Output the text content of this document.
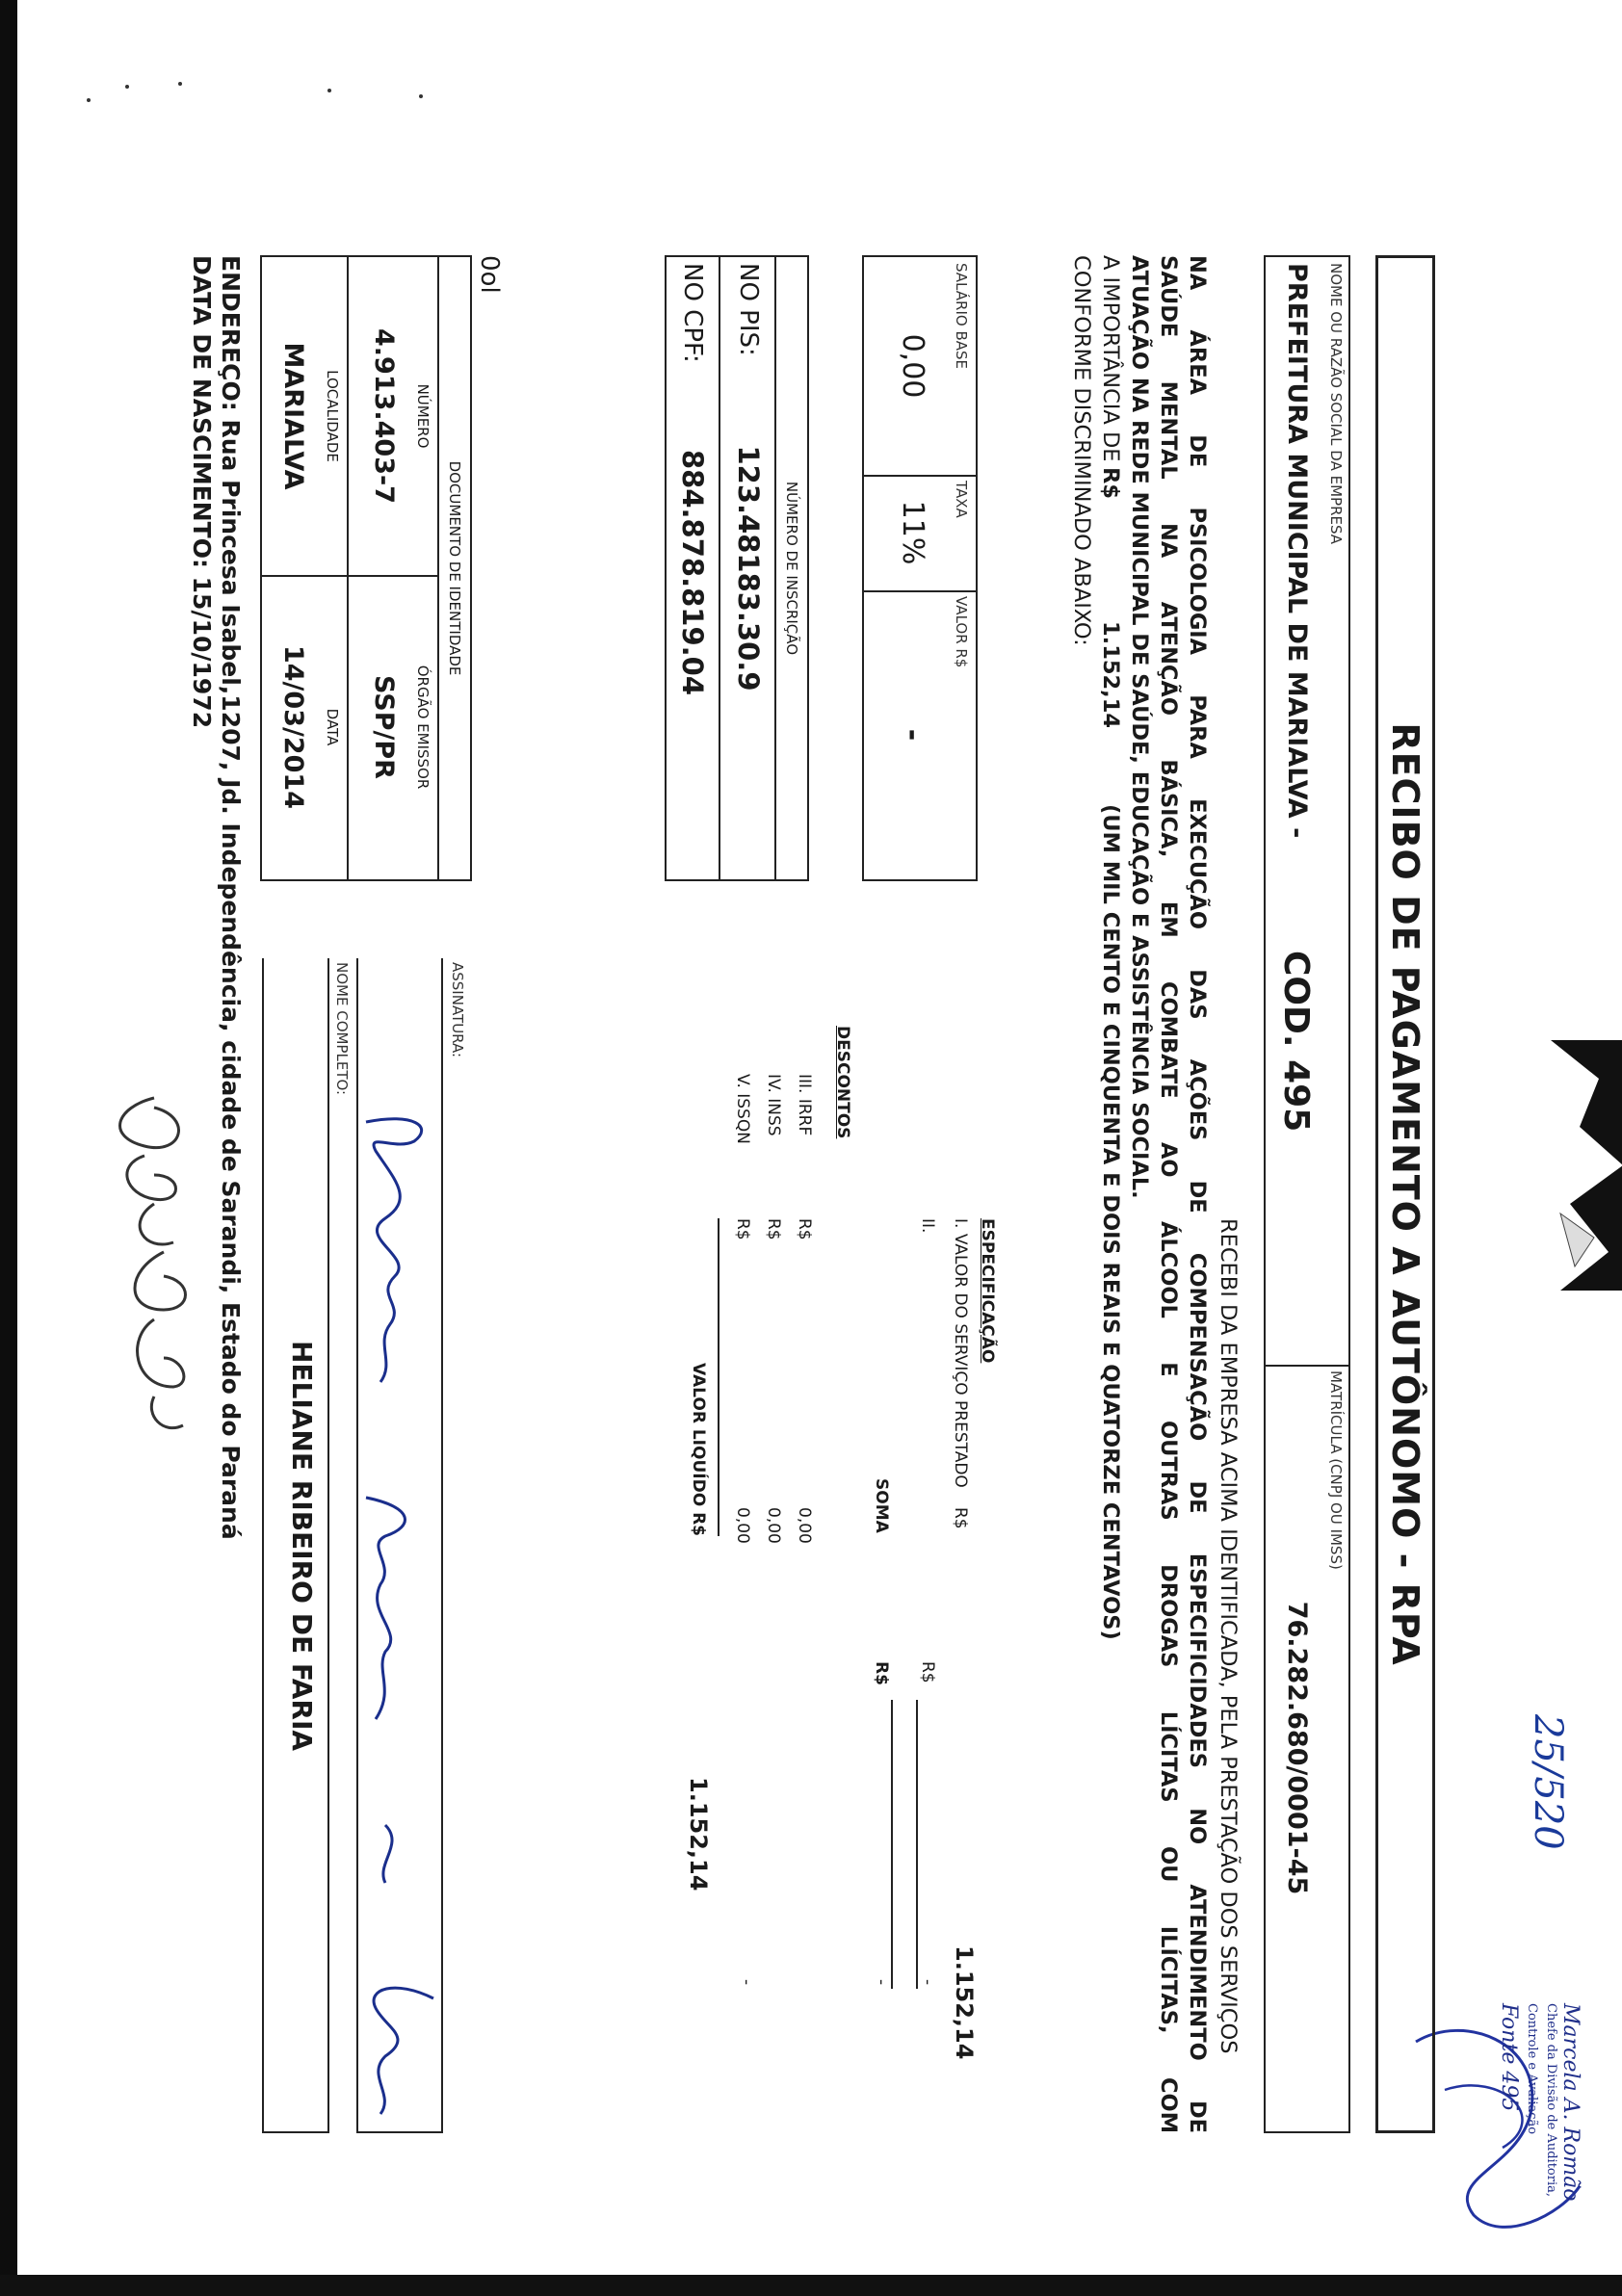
25/520
Marcela A. Romão
Chefe da Divisão de Auditoria,
Controle e Avaliação
Fonte 495
RECIBO DE PAGAMENTO A AUTÔNOMO - RPA
NOME OU RAZÃO SOCIAL DA EMPRESA
PREFEITURA MUNICIPAL DE MARIALVA -
COD. 495
MATRÍCULA (CNPJ OU IMSS)
76.282.680/0001-45
RECEBI DA EMPRESA ACIMA IDENTIFICADA, PELA PRESTAÇÃO DOS SERVIÇOS
NA ÁREA DE PSICOLOGIA PARA EXECUÇÃO DAS AÇÕES DE COMPENSAÇÃO DE ESPECIFICIDADES NO ATENDIMENTO DE
SAÚDE MENTAL NA ATENÇÃO BÁSICA, EM COMBATE AO ÁLCOOL E OUTRAS DROGAS LÍCITAS OU ILÍCITAS, COM
ATUAÇÃO NA REDE MUNICIPAL DE SAÚDE, EDUCAÇÃO E ASSISTÊNCIA SOCIAL.
A IMPORTÂNCIA DE
R$
1.152,14
(UM MIL CENTO E CINQUENTA E DOIS REAIS E QUATORZE CENTAVOS)
CONFORME DISCRIMINADO ABAIXO:
SALÁRIO BASE
0,00
TAXA
11%
VALOR R$
-
NÚMERO DE INSCRIÇÃO
NO PIS:
123.48183.30.9
NO CPF:
884.878.819.04
ESPECIFICAÇÃO
I. VALOR DO SERVIÇO PRESTADO
R$
1.152,14
II.
R$
-
SOMA
R$
-
DESCONTOS
III. IRRF
R$
0,00
IV. INSS
R$
0,00
V. ISSQN
R$
0,00
VALOR LIQUÍDO R$
1.152,14
-
0ol
DOCUMENTO DE IDENTIDADE
NÚMERO
4.913.403-7
ÓRGÃO EMISSOR
SSP/PR
LOCALIDADE
MARIALVA
DATA
14/03/2014
ASSINATURA:
NOME COMPLETO:
HELIANE RIBEIRO DE FARIA
ENDEREÇO: Rua Princesa Isabel,1207, Jd. Independência, cidade de Sarandi, Estado do Paraná
DATA DE NASCIMENTO: 15/10/1972
